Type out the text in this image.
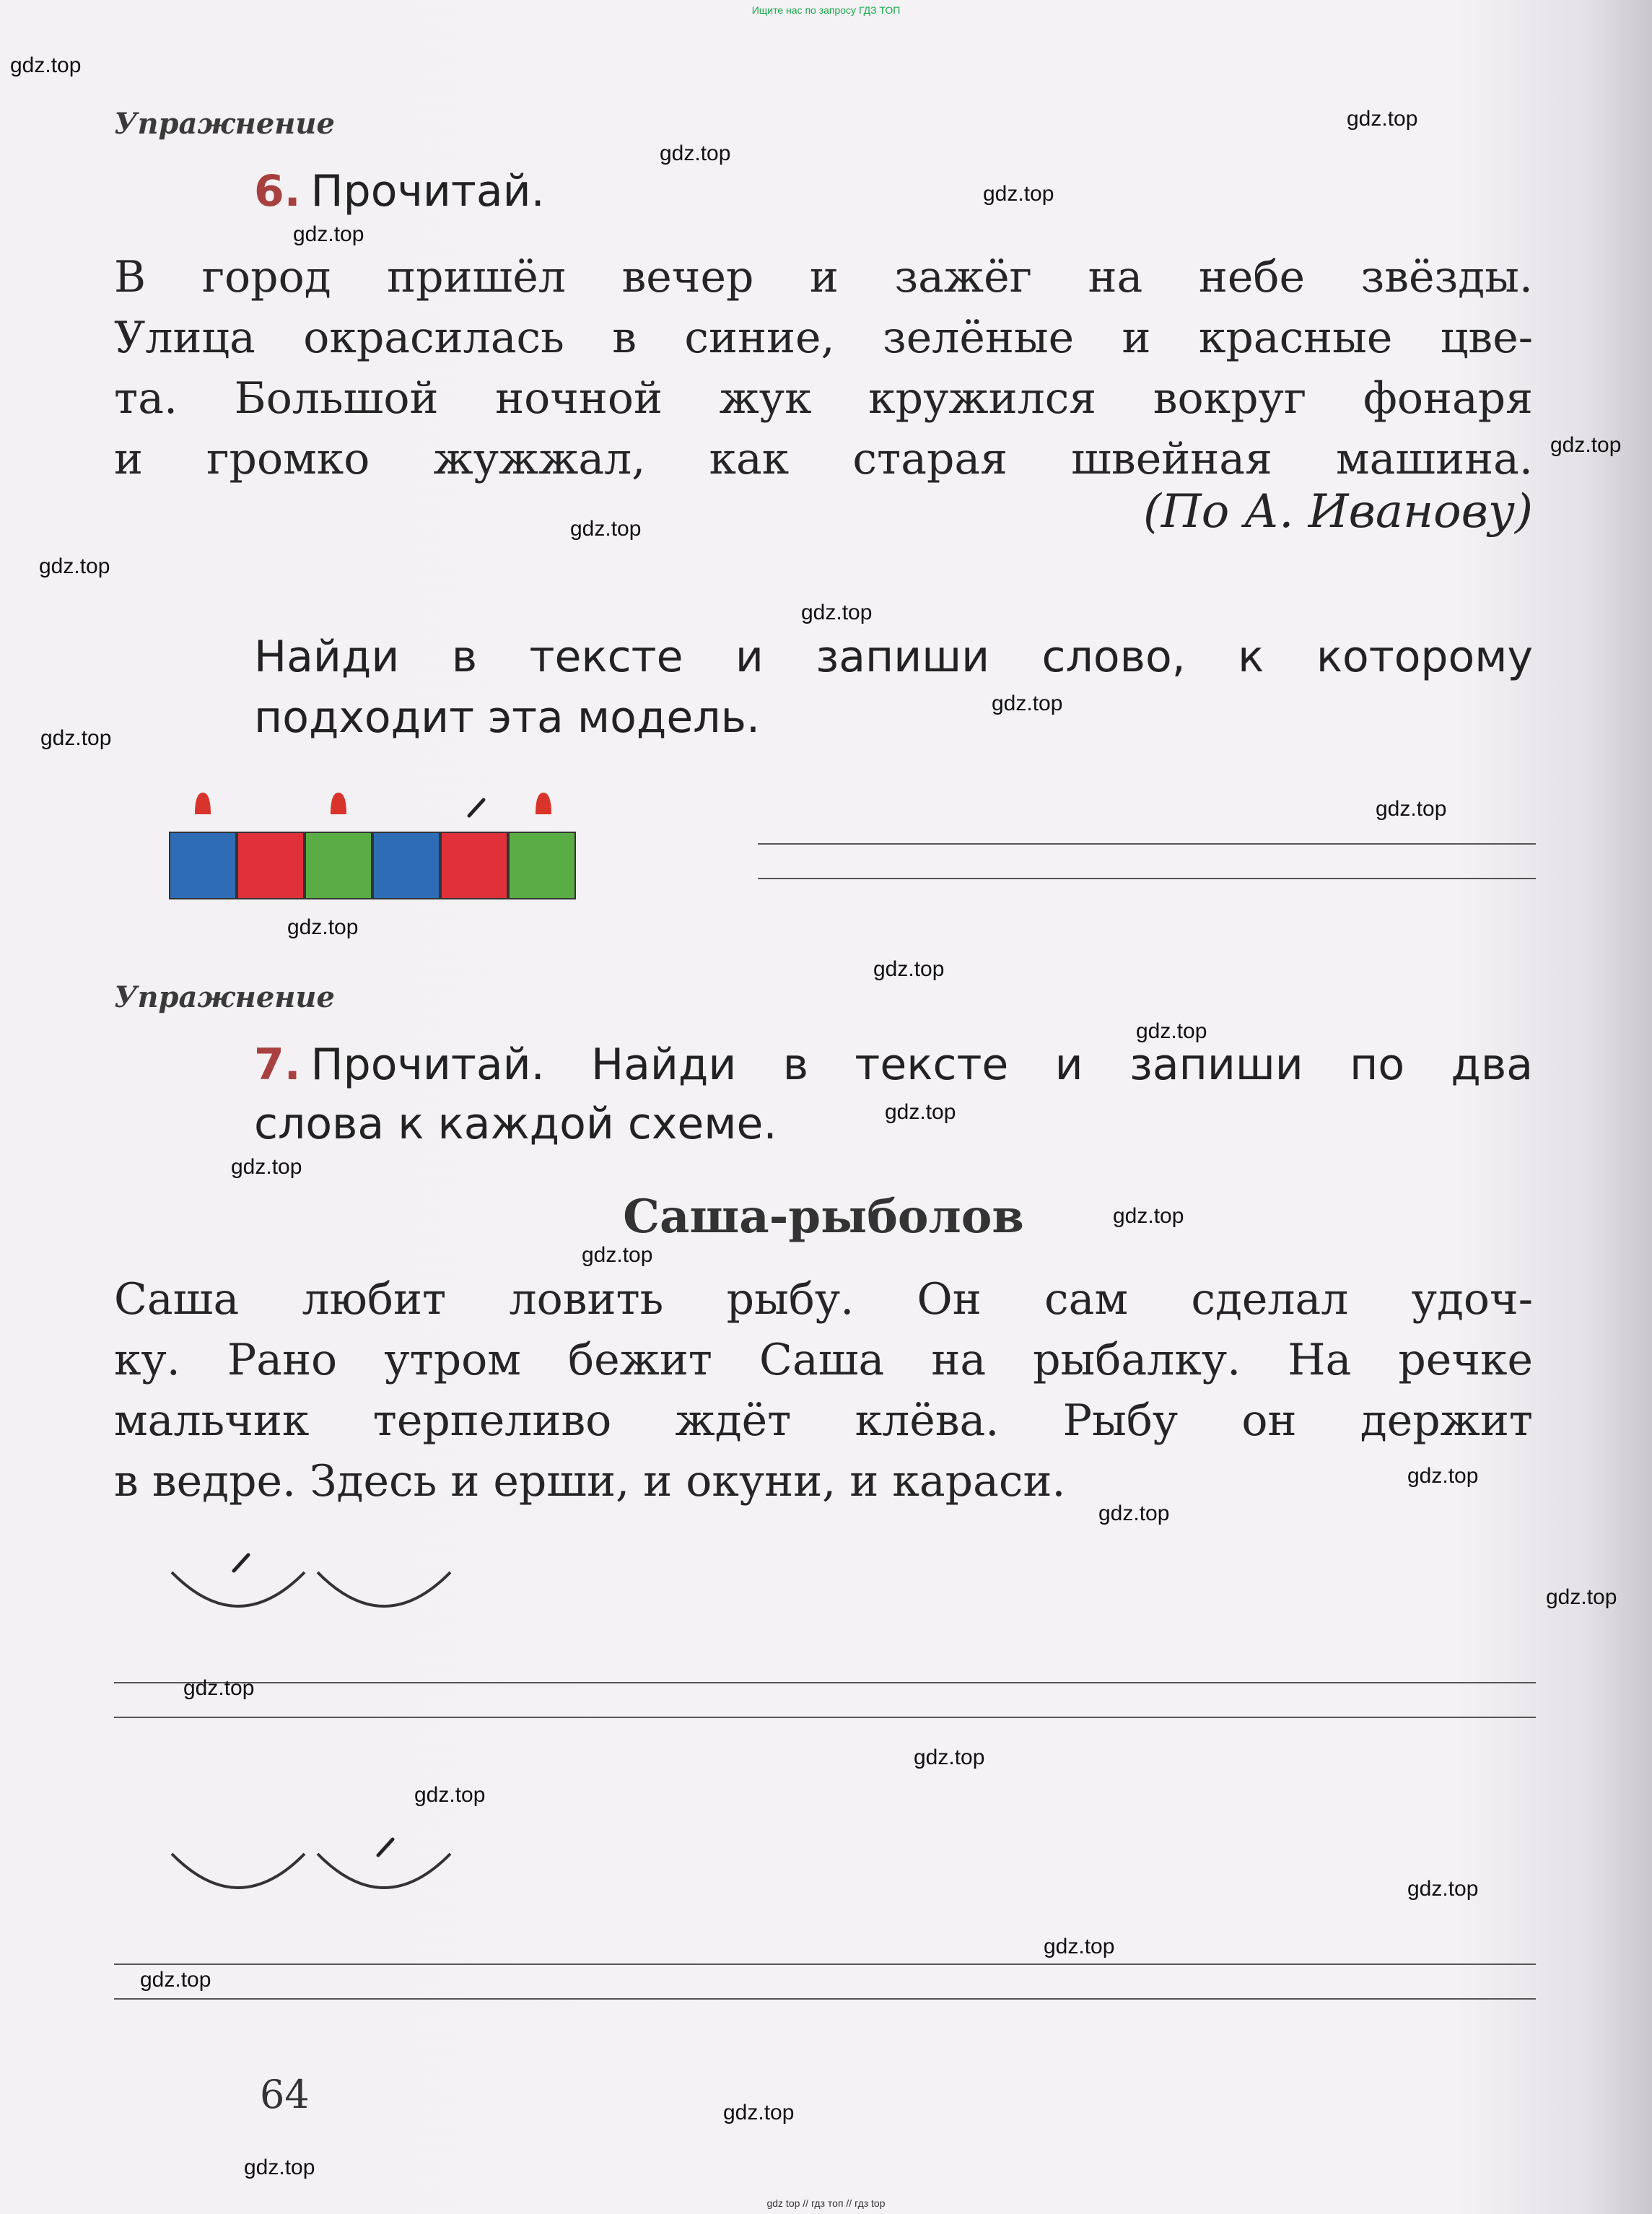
Ищите нас по запросу ГДЗ ТОП
Упражнение
6. Прочитай.
В город пришёл вечер и зажёг на небе звёзды.
Улица окрасилась в синие, зелёные и красные цве-
та. Большой ночной жук кружился вокруг фонаря
и громко жужжал, как старая швейная машина.
(По А. Иванову)
Найди в тексте и запиши слово, к которому
подходит эта модель.
Упражнение
7. Прочитай. Найди в тексте и запиши по два
слова к каждой схеме.
Саша-рыболов
Саша любит ловить рыбу. Он сам сделал удоч-
ку. Рано утром бежит Саша на рыбалку. На речке
мальчик терпеливо ждёт клёва. Рыбу он держит
в ведре. Здесь и ерши, и окуни, и караси.
64
gdz.top
gdz.top
gdz.top
gdz.top
gdz.top
gdz.top
gdz.top
gdz.top
gdz.top
gdz.top
gdz.top
gdz.top
gdz.top
gdz.top
gdz.top
gdz.top
gdz.top
gdz.top
gdz.top
gdz.top
gdz.top
gdz.top
gdz.top
gdz.top
gdz.top
gdz.top
gdz.top
gdz.top
gdz.top
gdz.top
gdz top // гдз топ // гдз top
